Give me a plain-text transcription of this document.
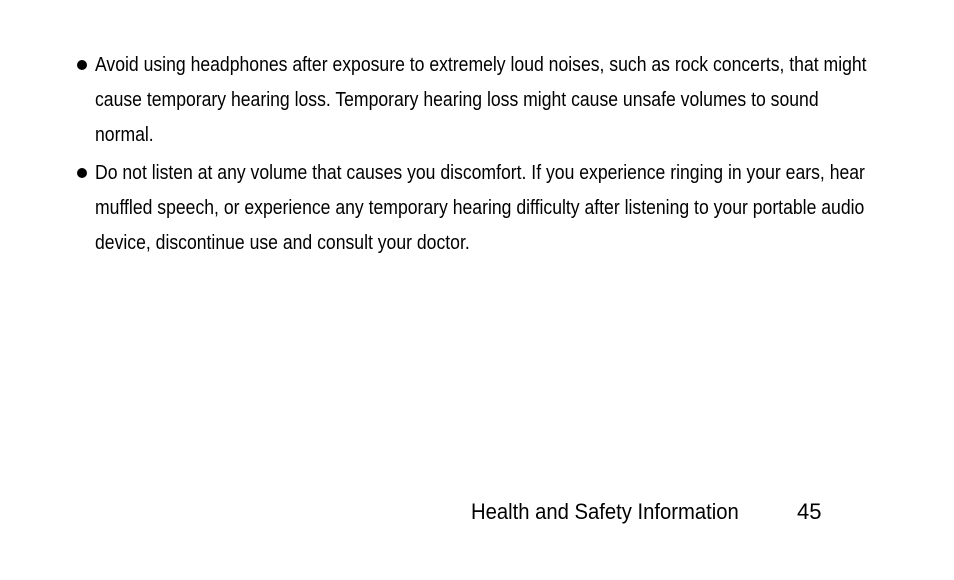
Avoid using headphones after exposure to extremely loud noises, such as rock concerts, that might cause temporary hearing loss. Temporary hearing loss might cause unsafe volumes to sound normal.
Do not listen at any volume that causes you discomfort. If you experience ringing in your ears, hear muffled speech, or experience any temporary hearing difficulty after listening to your portable audio device, discontinue use and consult your doctor.
Health and Safety Information	45
